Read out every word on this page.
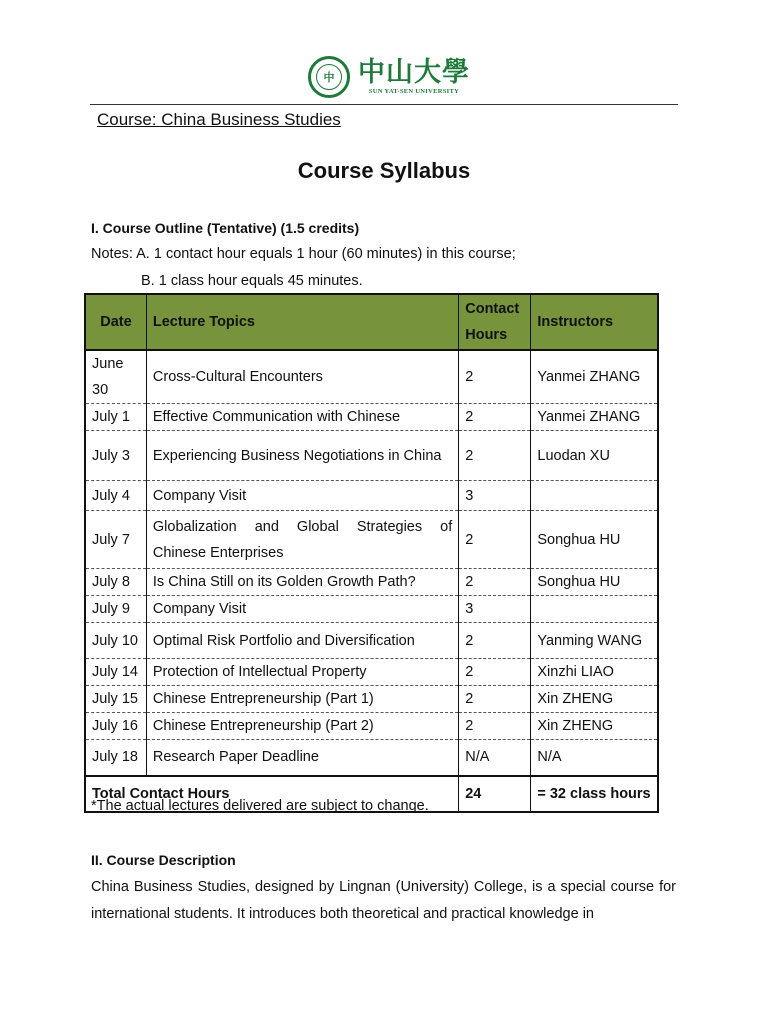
中 中山大學
SUN YAT-SEN UNIVERSITY
Course: China Business Studies
Course Syllabus
I. Course Outline (Tentative) (1.5 credits)
Notes: A. 1 contact hour equals 1 hour (60 minutes) in this course;
B. 1 class hour equals 45 minutes.
Date	Lecture Topics	Contact Hours	Instructors
June 30	Cross-Cultural Encounters	2	Yanmei ZHANG
July 1	Effective Communication with Chinese	2	Yanmei ZHANG
July 3	Experiencing Business Negotiations in China	2	Luodan XU
July 4	Company Visit	3	
July 7	Globalization and Global Strategies of Chinese Enterprises	2	Songhua HU
July 8	Is China Still on its Golden Growth Path?	2	Songhua HU
July 9	Company Visit	3	
July 10	Optimal Risk Portfolio and Diversification	2	Yanming WANG
July 14	Protection of Intellectual Property	2	Xinzhi LIAO
July 15	Chinese Entrepreneurship (Part 1)	2	Xin ZHENG
July 16	Chinese Entrepreneurship (Part 2)	2	Xin ZHENG
July 18	Research Paper Deadline	N/A	N/A
Total Contact Hours		24	= 32 class hours
*The actual lectures delivered are subject to change.
II. Course Description
China Business Studies, designed by Lingnan (University) College, is a special course for international students. It introduces both theoretical and practical knowledge in
